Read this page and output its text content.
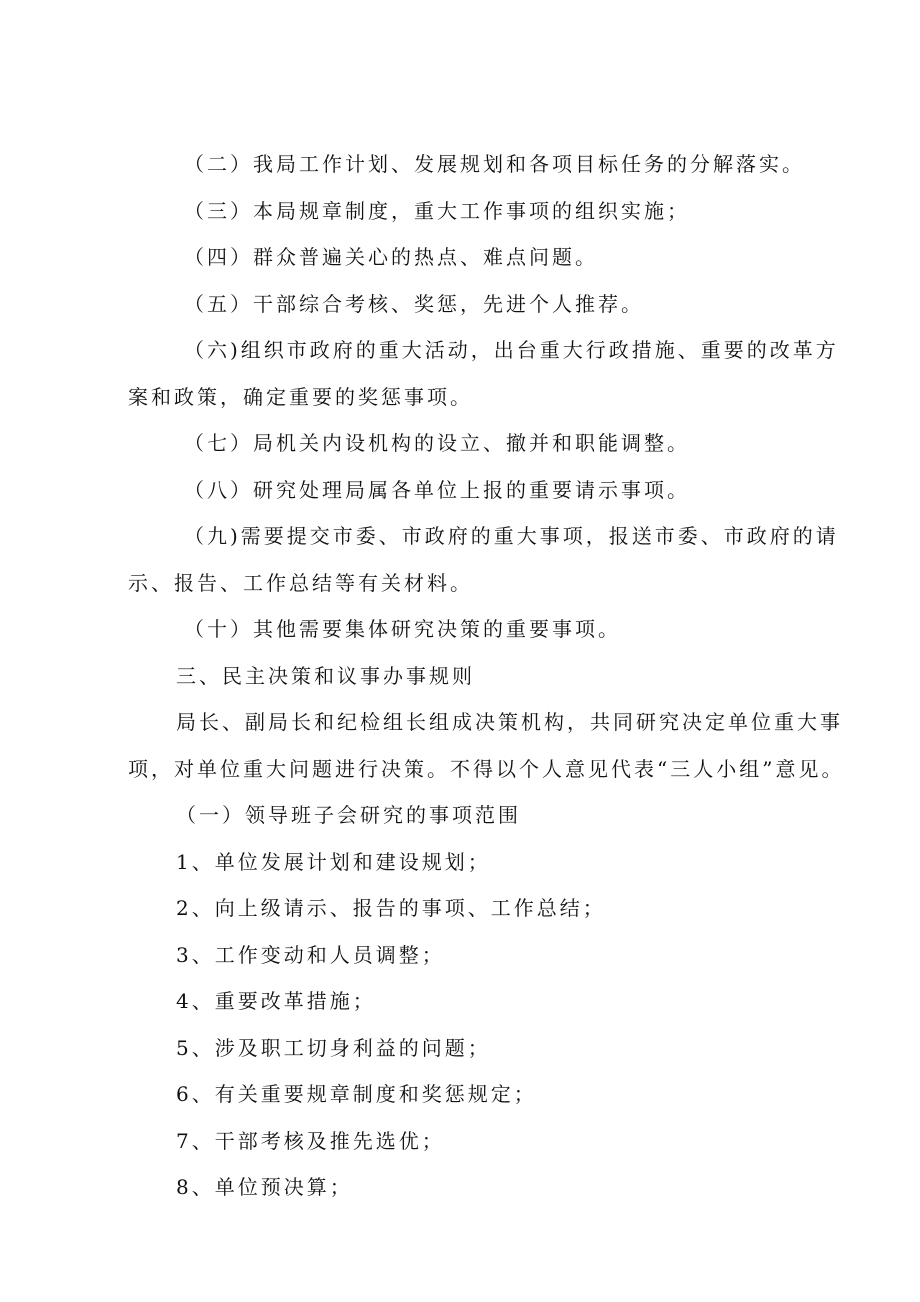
（二）我局工作计划、发展规划和各项目标任务的分解落实。
（三）本局规章制度，重大工作事项的组织实施；
（四）群众普遍关心的热点、难点问题。
（五）干部综合考核、奖惩，先进个人推荐。
（六)组织市政府的重大活动，出台重大行政措施、重要的改革方
案和政策，确定重要的奖惩事项。
（七）局机关内设机构的设立、撤并和职能调整。
（八）研究处理局属各单位上报的重要请示事项。
（九)需要提交市委、市政府的重大事项，报送市委、市政府的请
示、报告、工作总结等有关材料。
（十）其他需要集体研究决策的重要事项。
三、民主决策和议事办事规则
局长、副局长和纪检组长组成决策机构，共同研究决定单位重大事
项，对单位重大问题进行决策。不得以个人意见代表“三人小组”意见。
（一）领导班子会研究的事项范围
1、单位发展计划和建设规划；
2、向上级请示、报告的事项、工作总结；
3、工作变动和人员调整；
4、重要改革措施；
5、涉及职工切身利益的问题；
6、有关重要规章制度和奖惩规定；
7、干部考核及推先选优；
8、单位预决算；
